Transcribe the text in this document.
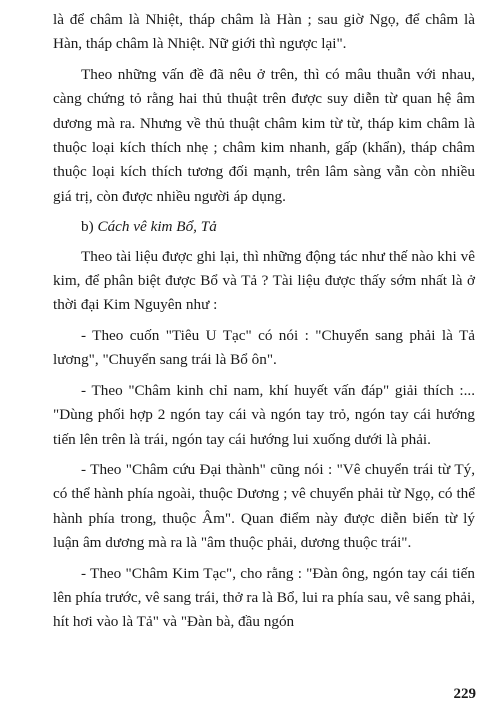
là để châm là Nhiệt, tháp châm là Hàn ; sau giờ Ngọ, để châm là Hàn, tháp châm là Nhiệt. Nữ giới thì ngược lại".

Theo những vấn đề đã nêu ở trên, thì có mâu thuẫn với nhau, càng chứng tỏ rằng hai thủ thuật trên được suy diễn từ quan hệ âm dương mà ra. Nhưng về thủ thuật châm kim từ từ, tháp kim châm là thuộc loại kích thích nhẹ ; châm kim nhanh, gấp (khẩn), tháp châm thuộc loại kích thích tương đối mạnh, trên lâm sàng vẫn còn nhiều giá trị, còn được nhiều người áp dụng.

b) Cách vê kim Bổ, Tả

Theo tài liệu được ghi lại, thì những động tác như thế nào khi vê kim, để phân biệt được Bổ và Tả ? Tài liệu được thấy sớm nhất là ở thời đại Kim Nguyên như :

- Theo cuốn "Tiêu U Tạc" có nói : "Chuyển sang phải là Tả lương", "Chuyển sang trái là Bổ ôn".

- Theo "Châm kinh chỉ nam, khí huyết vấn đáp" giải thích :... "Dùng phối hợp 2 ngón tay cái và ngón tay trỏ, ngón tay cái hướng tiến lên trên là trái, ngón tay cái hướng lui xuống dưới là phải.

- Theo "Châm cứu Đại thành" cũng nói : "Vê chuyển trái từ Tý, có thể hành phía ngoài, thuộc Dương ; vê chuyển phải từ Ngọ, có thể hành phía trong, thuộc Âm". Quan điểm này được diễn biến từ lý luận âm dương mà ra là "âm thuộc phải, dương thuộc trái".

- Theo "Châm Kim Tạc", cho rằng : "Đàn ông, ngón tay cái tiến lên phía trước, vê sang trái, thở ra là Bổ, lui ra phía sau, vê sang phải, hít hơi vào là Tả" và "Đàn bà, đầu ngón

229
